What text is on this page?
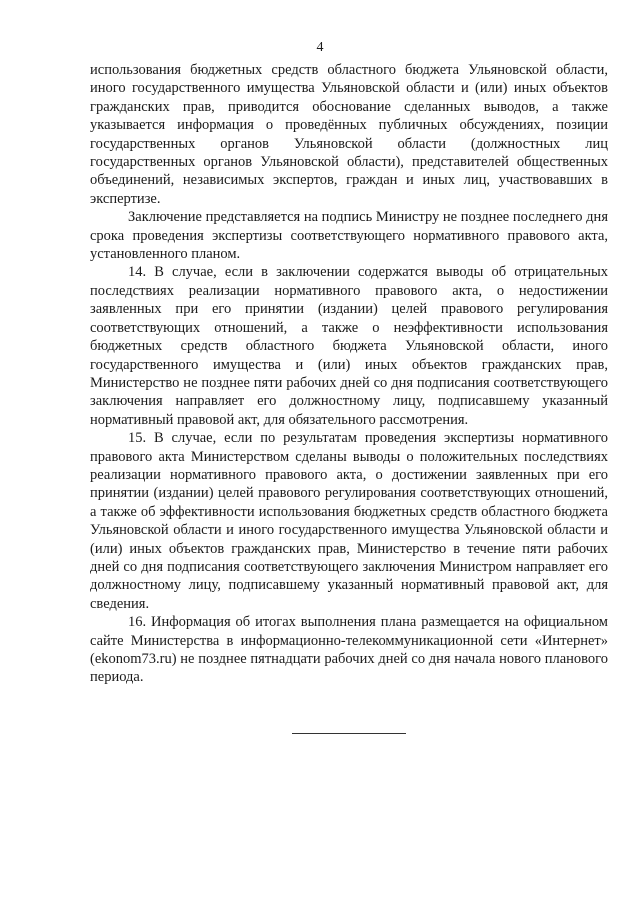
4

использования бюджетных средств областного бюджета Ульяновской области, иного государственного имущества Ульяновской области и (или) иных объектов гражданских прав, приводится обоснование сделанных выводов, а также указывается информация о проведённых публичных обсуждениях, позиции государственных органов Ульяновской области (должностных лиц государственных органов Ульяновской области), представителей общественных объединений, независимых экспертов, граждан и иных лиц, участвовавших в экспертизе.

Заключение представляется на подпись Министру не позднее последнего дня срока проведения экспертизы соответствующего нормативного правового акта, установленного планом.

14. В случае, если в заключении содержатся выводы об отрицательных последствиях реализации нормативного правового акта, о недостижении заявленных при его принятии (издании) целей правового регулирования соответствующих отношений, а также о неэффективности использования бюджетных средств областного бюджета Ульяновской области, иного государственного имущества и (или) иных объектов гражданских прав, Министерство не позднее пяти рабочих дней со дня подписания соответствующего заключения направляет его должностному лицу, подписавшему указанный нормативный правовой акт, для обязательного рассмотрения.

15. В случае, если по результатам проведения экспертизы нормативного правового акта Министерством сделаны выводы о положительных последствиях реализации нормативного правового акта, о достижении заявленных при его принятии (издании) целей правового регулирования соответствующих отношений, а также об эффективности использования бюджетных средств областного бюджета Ульяновской области и иного государственного имущества Ульяновской области и (или) иных объектов гражданских прав, Министерство в течение пяти рабочих дней со дня подписания соответствующего заключения Министром направляет его должностному лицу, подписавшему указанный нормативный правовой акт, для сведения.

16. Информация об итогах выполнения плана размещается на официальном сайте Министерства в информационно-телекоммуникационной сети «Интернет» (ekonom73.ru) не позднее пятнадцати рабочих дней со дня начала нового планового периода.
